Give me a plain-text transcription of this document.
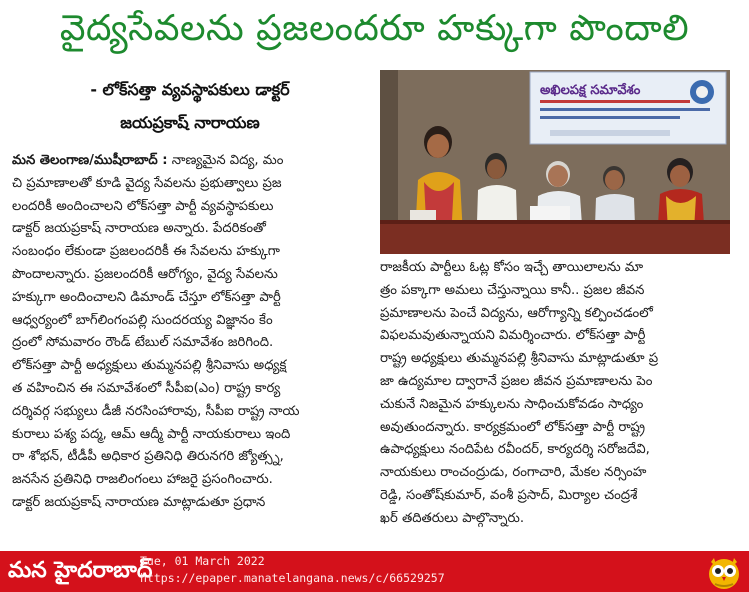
వైద్యసేవలను ప్రజలందరూ హక్కుగా పొందాలి
- లోక్‌సత్తా వ్యవస్థాపకులు డాక్టర్
జయప్రకాష్ నారాయణ
మన తెలంగాణ/ముషీరాబాద్ : నాణ్యమైన విద్య, మం
చి ప్రమాణాలతో కూడి వైద్య సేవలను ప్రభుత్వాలు ప్రజ
లందరికీ అందించాలని లోక్‌సత్తా పార్టీ వ్యవస్థాపకులు
డాక్టర్ జయప్రకాష్ నారాయణ అన్నారు. పేదరికంతో
సంబంధం లేకుండా ప్రజలందరికీ ఈ సేవలను హక్కుగా
పొందాలన్నారు. ప్రజలందరికీ ఆరోగ్యం, వైద్య సేవలను
హక్కుగా అందించాలని డిమాండ్ చేస్తూ లోక్‌సత్తా పార్టీ
ఆధ్వర్యంలో బాగ్‌లింగంపల్లి సుందరయ్య విజ్ఞానం కేం
ద్రంలో సోమవారం రౌండ్ టేబుల్ సమావేశం జరిగింది.
లోక్‌సత్తా పార్టీ అధ్యక్షులు తుమ్మనపల్లి శ్రీనివాసు అధ్యక్ష
త వహించిన ఈ సమావేశంలో సీపీఐ(ఎం) రాష్ట్ర కార్య
దర్శివర్గ సభ్యులు డీజీ నరసింహారావు, సీపీఐ రాష్ట్ర నాయ
కురాలు పశ్య పద్మ, ఆమ్ ఆద్మీ పార్టీ నాయకురాలు ఇంది
రా శోభన్, టీడీపీ అధికార ప్రతినిధి తిరునగరి జ్యోత్స్న,
జనసేన ప్రతినిధి రాజలింగంలు హాజరై ప్రసంగించారు.
డాక్టర్ జయప్రకాష్ నారాయణ మాట్లాడుతూ ప్రధాన
అఖిలపక్ష సమావేశం
రాజకీయ పార్టీలు ఓట్ల కోసం ఇచ్చే తాయిలాలను మా
త్రం పక్కాగా అమలు చేస్తున్నాయి కానీ.. ప్రజల జీవన
ప్రమాణాలను పెంచే విద్యను, ఆరోగ్యాన్ని కల్పించడంలో
విఫలమవుతున్నాయని విమర్శించారు. లోక్‌సత్తా పార్టీ
రాష్ట్ర అధ్యక్షులు తుమ్మనపల్లి శ్రీనివాసు మాట్లాడుతూ ప్ర
జా ఉద్యమాల ద్వారానే ప్రజల జీవన ప్రమాణాలను పెం
చుకునే నిజమైన హక్కులను సాధించుకోవడం సాధ్యం
అవుతుందన్నారు. కార్యక్రమంలో లోక్‌సత్తా పార్టీ రాష్ట్ర
ఉపాధ్యక్షులు నందిపేట రవీందర్, కార్యదర్శి సరోజదేవి,
నాయకులు రాంచంద్రుడు, రంగాచారి, మేకల నర్సింహ
రెడ్డి, సంతోష్‌కుమార్, వంశీ ప్రసాద్, మిర్యాల చంద్రశే
ఖర్ తదితరులు పాల్గొన్నారు.
మన హైదరాబాద్
Tue, 01 March 2022
https://epaper.manatelangana.news/c/66529257
